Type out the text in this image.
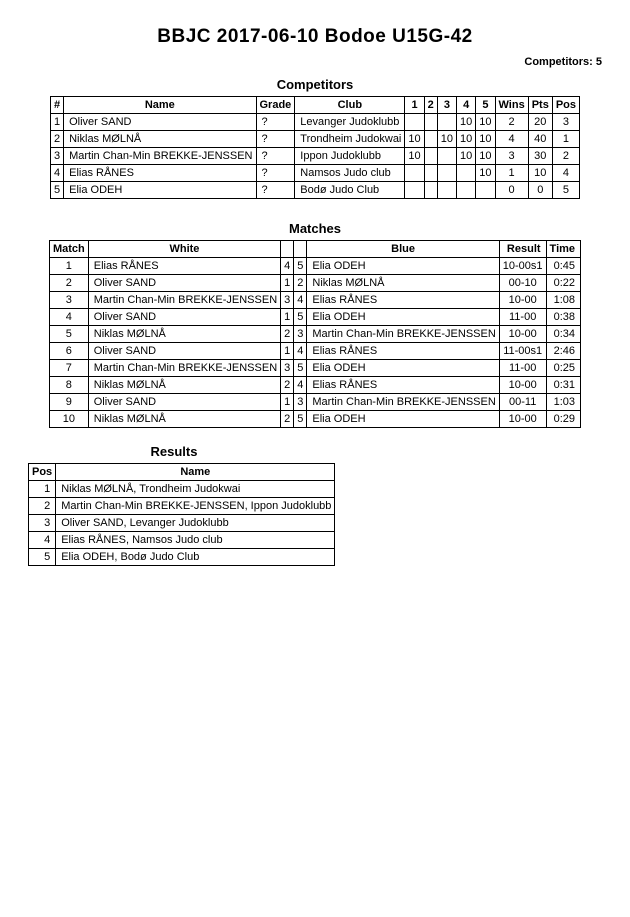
BBJC 2017-06-10 Bodoe U15G-42
Competitors: 5
Competitors
#	Name	Grade	Club	1	2	3	4	5	Wins	Pts	Pos
1	Oliver SAND	?	Levanger Judoklubb				10	10	2	20	3
2	Niklas MØLNÅ	?	Trondheim Judokwai	10		10	10	10	4	40	1
3	Martin Chan-Min BREKKE-JENSSEN	?	Ippon Judoklubb	10			10	10	3	30	2
4	Elias RÅNES	?	Namsos Judo club					10	1	10	4
5	Elia ODEH	?	Bodø Judo Club						0	0	5
Matches
Match	White			Blue	Result	Time
1	Elias RÅNES	4	5	Elia ODEH	10-00s1	0:45
2	Oliver SAND	1	2	Niklas MØLNÅ	00-10	0:22
3	Martin Chan-Min BREKKE-JENSSEN	3	4	Elias RÅNES	10-00	1:08
4	Oliver SAND	1	5	Elia ODEH	11-00	0:38
5	Niklas MØLNÅ	2	3	Martin Chan-Min BREKKE-JENSSEN	10-00	0:34
6	Oliver SAND	1	4	Elias RÅNES	11-00s1	2:46
7	Martin Chan-Min BREKKE-JENSSEN	3	5	Elia ODEH	11-00	0:25
8	Niklas MØLNÅ	2	4	Elias RÅNES	10-00	0:31
9	Oliver SAND	1	3	Martin Chan-Min BREKKE-JENSSEN	00-11	1:03
10	Niklas MØLNÅ	2	5	Elia ODEH	10-00	0:29
Results
Pos	Name
1	Niklas MØLNÅ, Trondheim Judokwai
2	Martin Chan-Min BREKKE-JENSSEN, Ippon Judoklubb
3	Oliver SAND, Levanger Judoklubb
4	Elias RÅNES, Namsos Judo club
5	Elia ODEH, Bodø Judo Club
